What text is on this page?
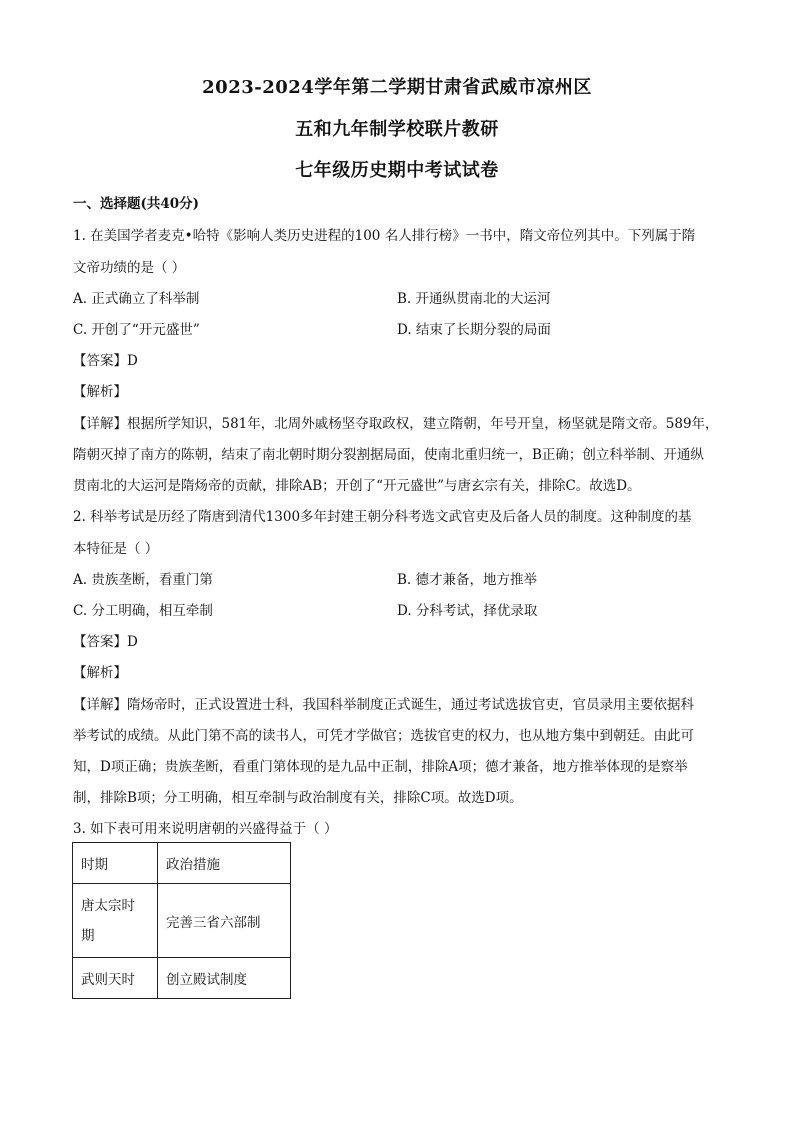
2023-2024学年第二学期甘肃省武威市凉州区
五和九年制学校联片教研
七年级历史期中考试试卷
一、选择题(共40分)
1. 在美国学者麦克•哈特《影响人类历史进程的100 名人排行榜》一书中，隋文帝位列其中。下列属于隋
文帝功绩的是（ ）
A. 正式确立了科举制	B. 开通纵贯南北的大运河
C. 开创了“开元盛世”	D. 结束了长期分裂的局面
【答案】D
【解析】
【详解】根据所学知识，581年，北周外戚杨坚夺取政权，建立隋朝，年号开皇，杨坚就是隋文帝。589年，
隋朝灭掉了南方的陈朝，结束了南北朝时期分裂割据局面，使南北重归统一，B正确；创立科举制、开通纵
贯南北的大运河是隋炀帝的贡献，排除AB；开创了“开元盛世”与唐玄宗有关，排除C。故选D。
2. 科举考试是历经了隋唐到清代1300多年封建王朝分科考选文武官吏及后备人员的制度。这种制度的基
本特征是（ ）
A. 贵族垄断，看重门第	B. 德才兼备，地方推举
C. 分工明确，相互牵制	D. 分科考试，择优录取
【答案】D
【解析】
【详解】隋炀帝时，正式设置进士科，我国科举制度正式诞生，通过考试选拔官吏，官员录用主要依据科
举考试的成绩。从此门第不高的读书人，可凭才学做官；选拔官吏的权力，也从地方集中到朝廷。由此可
知，D项正确；贵族垄断，看重门第体现的是九品中正制，排除A项；德才兼备，地方推举体现的是察举
制，排除B项；分工明确，相互牵制与政治制度有关，排除C项。故选D项。
3. 如下表可用来说明唐朝的兴盛得益于（ ）
时期	政治措施
唐太宗时
期	完善三省六部制
武则天时	创立殿试制度
